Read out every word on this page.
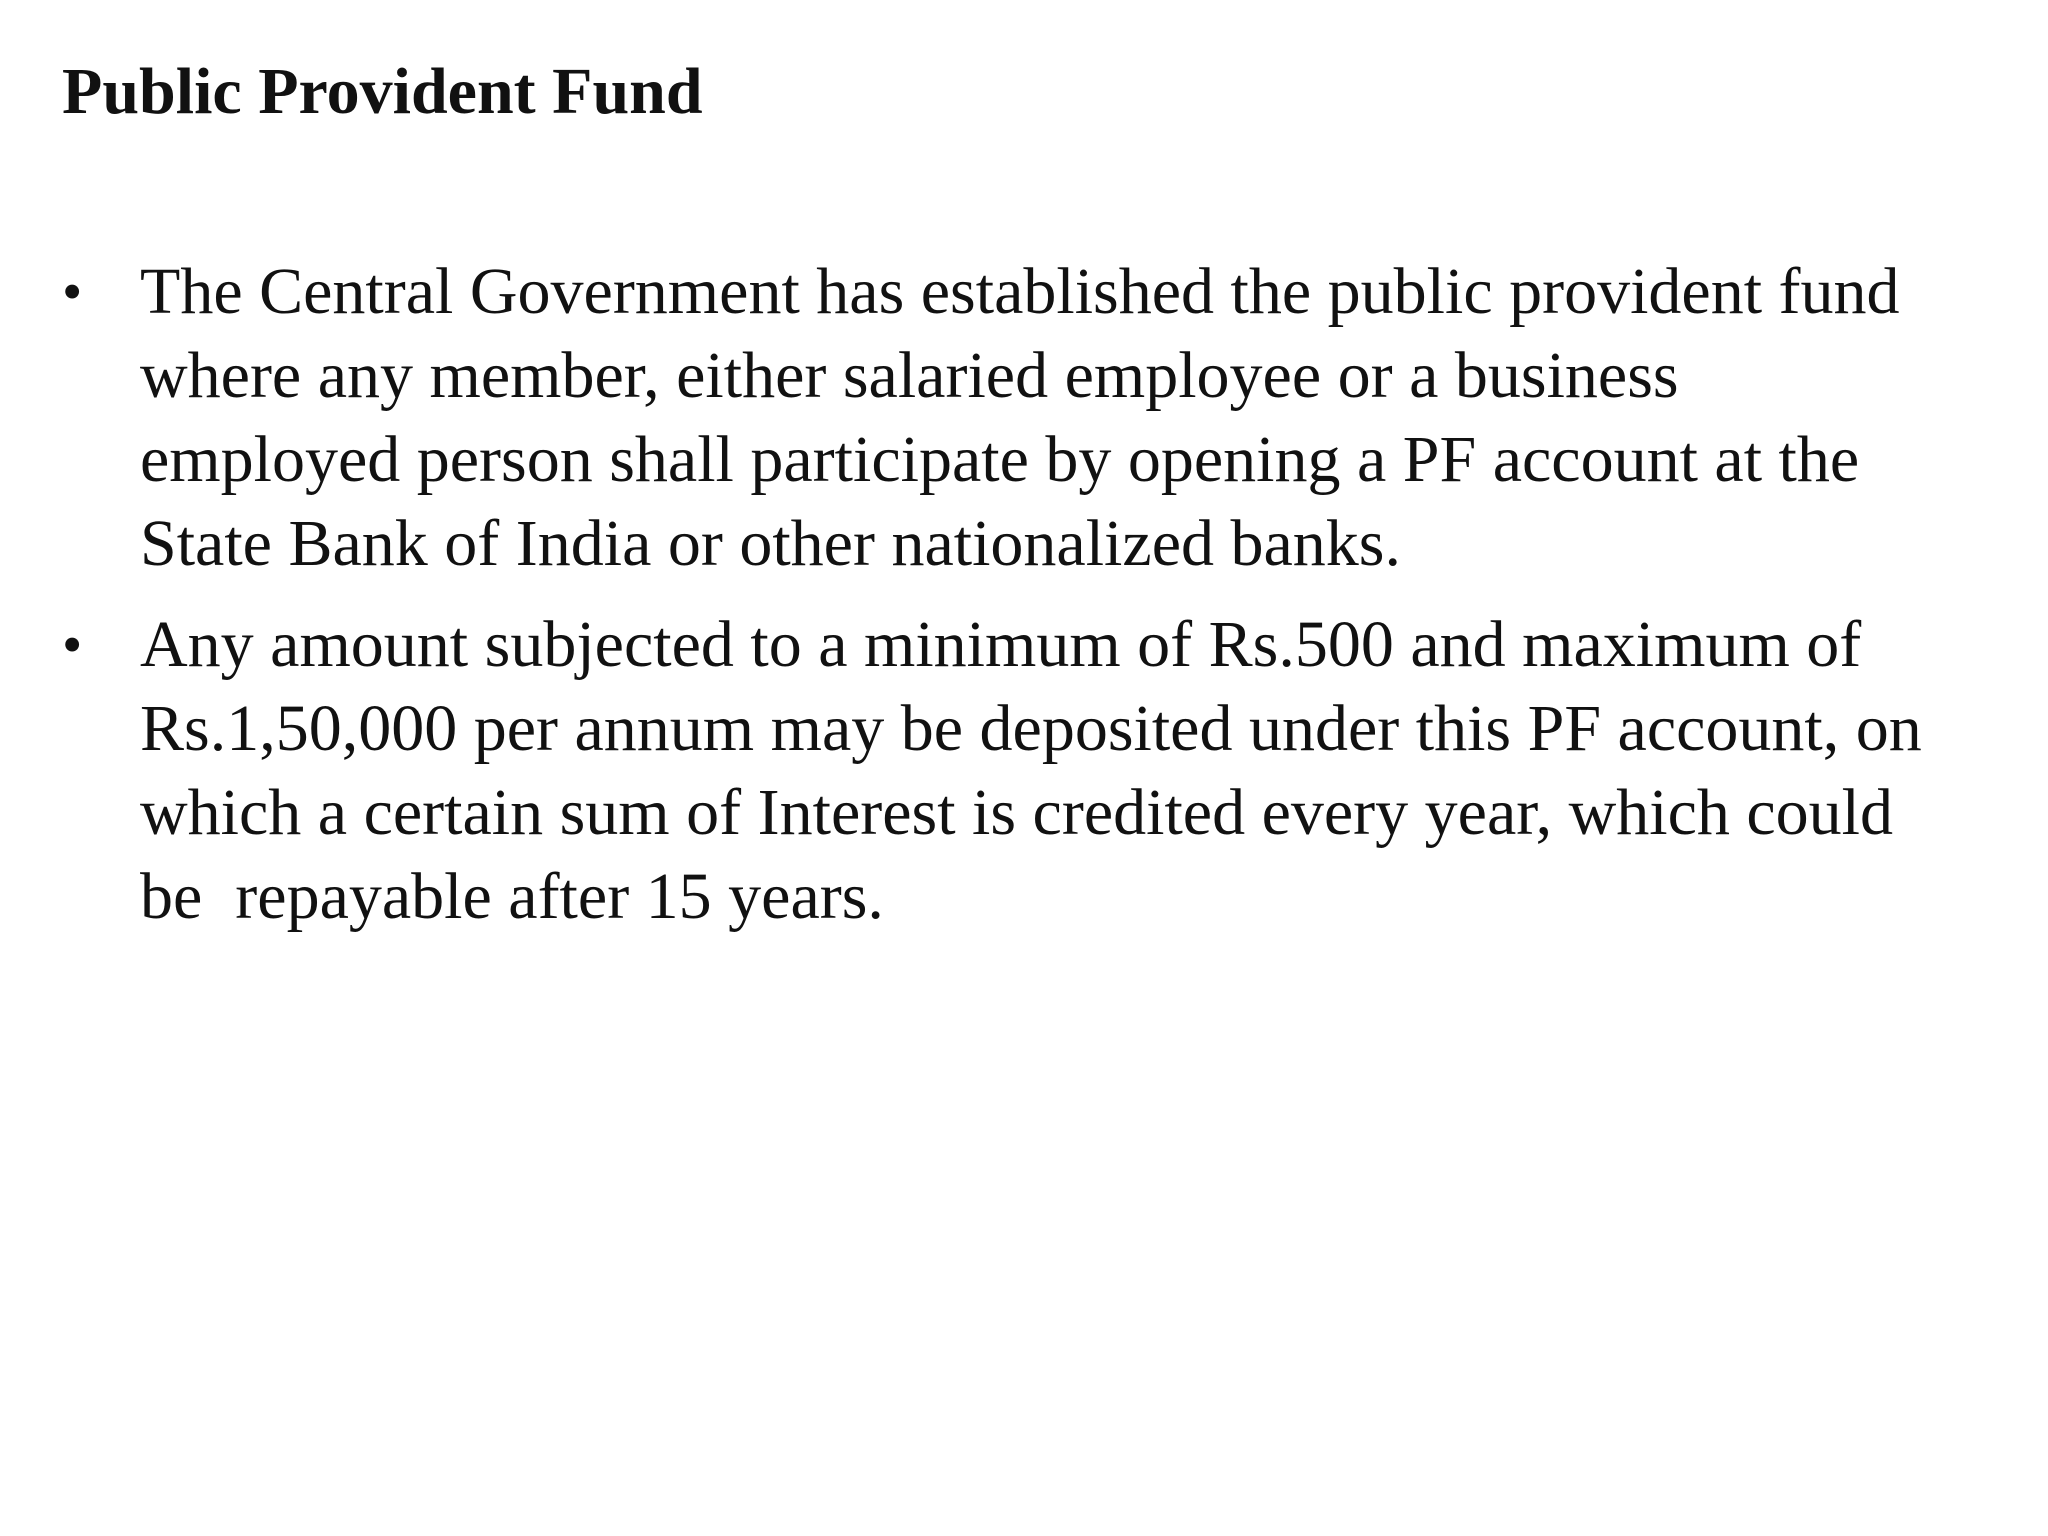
Public Provident Fund
• The Central Government has established the public provident fund
where any member, either salaried employee or a business
employed person shall participate by opening a PF account at the
State Bank of India or other nationalized banks.
• Any amount subjected to a minimum of Rs.500 and maximum of
Rs.1,50,000 per annum may be deposited under this PF account, on
which a certain sum of Interest is credited every year, which could
be  repayable after 15 years.
